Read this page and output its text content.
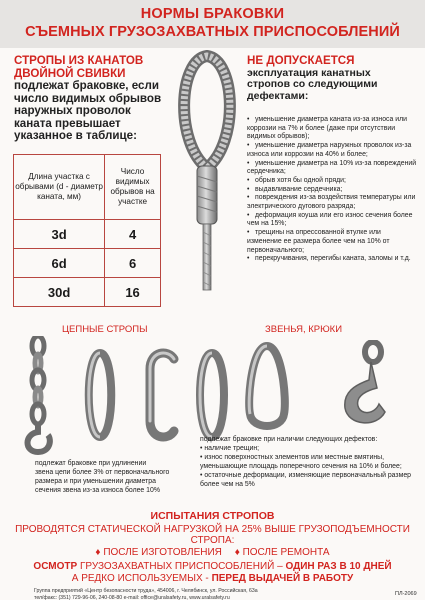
НОРМЫ БРАКОВКИ
СЪЕМНЫХ ГРУЗОЗАХВАТНЫХ ПРИСПОСОБЛЕНИЙ
СТРОПЫ ИЗ КАНАТОВ
ДВОЙНОЙ СВИВКИ
подлежат браковке, если
число видимых обрывов
наружных проволок
каната превышает
указанное в таблице:
Длина участка с обрывами (d - диаметр каната, мм)	Число видимых обрывов на участке
3d	4
6d	6
30d	16
НЕ ДОПУСКАЕТСЯ
эксплуатация канатных
стропов со следующими
дефектами:

• уменьшение диаметра каната из-за износа или коррозии на 7% и более (даже при отсутствии видимых обрывов);

• уменьшение диаметра наружных проволок из-за износа или коррозии на 40% и более;

• уменьшение диаметра на 10% из-за повреждений сердечника;

• обрыв хотя бы одной пряди;

• выдавливание сердечника;

• повреждения из-за воздействия температуры или электрического дугового разряда;

• деформация коуша или его износ сечения более чем на 15%;

• трещины на опрессованной втулке или изменение ее размера более чем на 10% от первоначального;

• перекручивания, перегибы каната, заломы и т.д.

ЦЕПНЫЕ СТРОПЫ	ЗВЕНЬЯ, КРЮКИ
подлежат браковке при удлинении
звена цепи более 3% от первоначального
размера и при уменьшении диаметра
сечения звена из-за износа более 10%
подлежат браковке при наличии следующих дефектов:
• наличие трещин;
• износ поверхностных элементов или местные вмятины, уменьшающие площадь поперечного сечения на 10% и более;
• остаточные деформации, изменяющие первоначальный размер более чем на 5%
ИСПЫТАНИЯ СТРОПОВ
ПРОВОДЯТСЯ СТАТИЧЕСКОЙ НАГРУЗКОЙ НА 25% ВЫШЕ ГРУЗОПОДЪЕМНОСТИ СТРОПА:
♦ ПОСЛЕ ИЗГОТОВЛЕНИЯ ♦ ПОСЛЕ РЕМОНТА
ОСМОТР ГРУЗОЗАХВАТНЫХ ПРИСПОСОБЛЕНИЙ – ОДИН РАЗ В 10 ДНЕЙ
А РЕДКО ИСПОЛЬЗУЕМЫХ - ПЕРЕД ВЫДАЧЕЙ В РАБОТУ
Группа предприятий «Центр безопасности труда», 454006, г. Челябинск, ул. Российская, 63а
тел/факс: (351) 729-96-06, 240-08-80 e-mail: office@uralsafety.ru, www.uralsafety.ru
ПЛ-2069
